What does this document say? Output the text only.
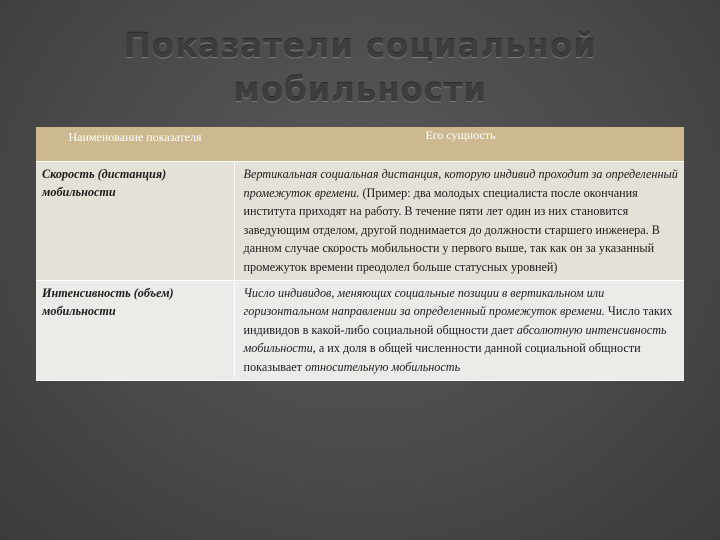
Показатели социальной
мобильности
Наименование показателя	Его сущность
Скорость (дистанция) мобильности	Вертикальная социальная дистанция, которую индивид проходит за определенный промежуток времени. (Пример: два молодых специалиста после окончания института приходят на работу. В течение пяти лет один из них становится заведующим отделом, другой поднимается до должности старшего инженера. В данном случае скорость мобильности у первого выше, так как он за указанный промежуток времени преодолел больше статусных уровней)
Интенсивность (объем) мобильности	Число индивидов, меняющих социальные позиции в вертикальном или горизонтальном направлении за определенный промежуток времени. Число таких индивидов в какой-либо социальной общности дает абсолютную интенсивность мобильности, а их доля в общей численности данной социальной общности показывает относительную мобильность
